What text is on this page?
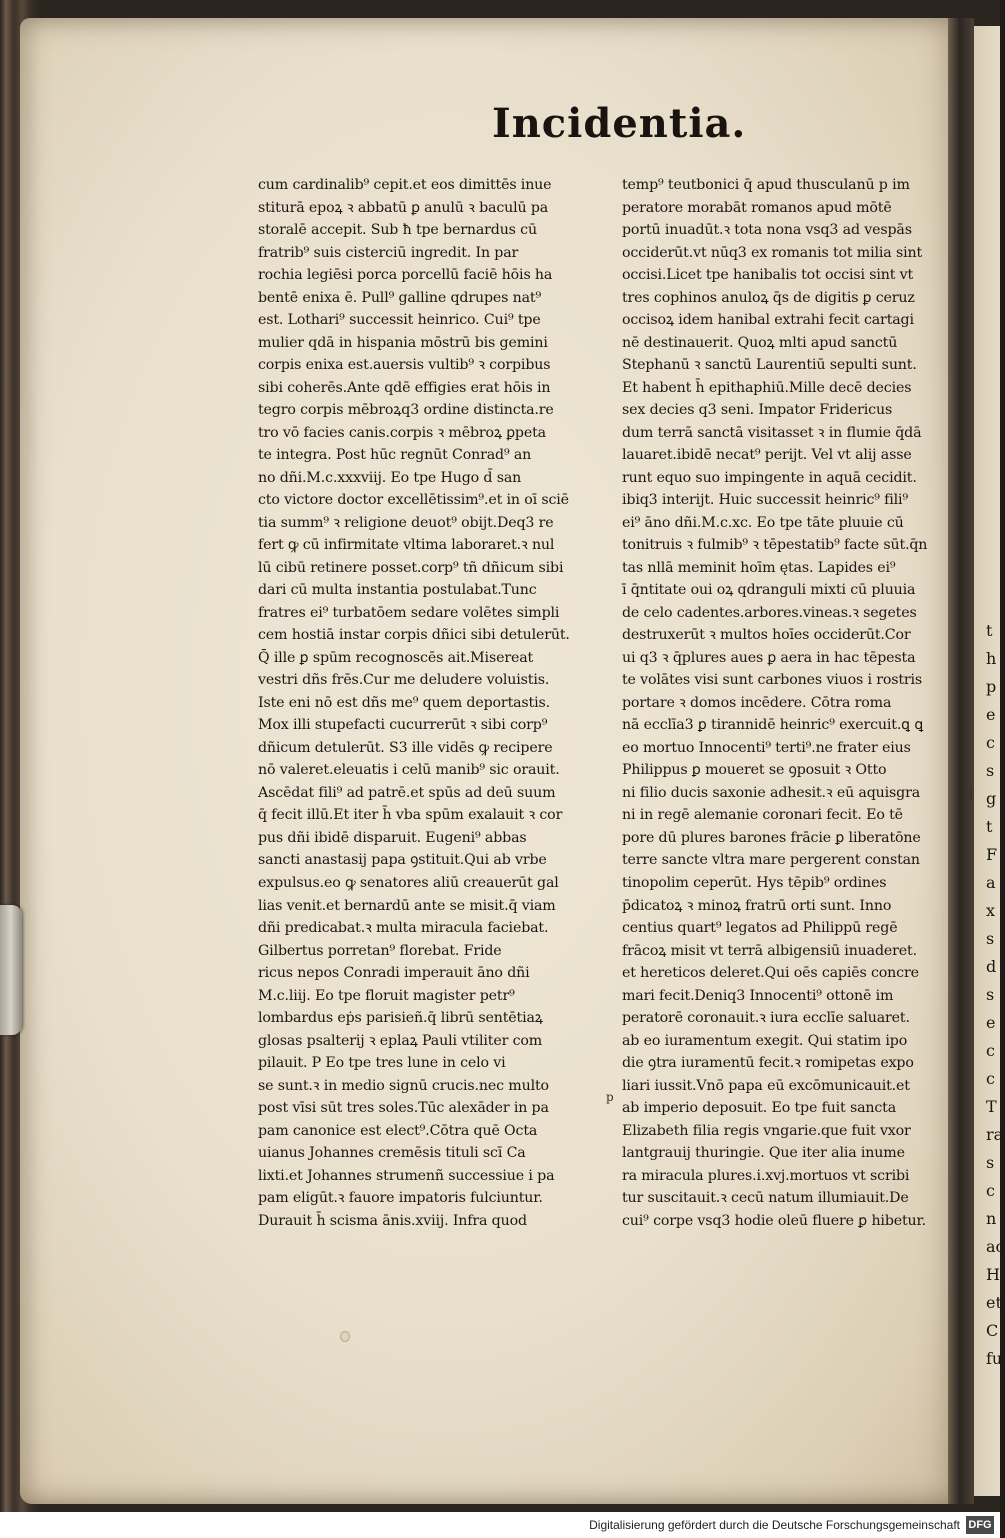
t
h
p
e
c
s
g
t
F
a
x
s
d
s
e
c
c
T
ra
s
c
n
ac
H
et
C
fu
Incidentia.
cum cardinalib⁹ cepit.et eos dimittēs inue
stiturā epoꝝ ꝛ abbatū ꝑ anulū ꝛ baculū pa
storalē accepit. Sub ħ tpe bernardus cū
fratrib⁹ suis cisterciū ingredit. In par
rochia legiēsi porca porcellū faciē hōis ha
bentē enixa ē. Pull⁹ galline qdrupes nat⁹
est. Lothari⁹ successit heinrico. Cui⁹ tpe
mulier qdā in hispania mōstrū bis gemini
corpis enixa est.auersis vultib⁹ ꝛ corpibus
sibi coherēs.Ante qdē effigies erat hōis in
tegro corpis mēbroꝝq3 ordine distincta.re
tro vō facies canis.corpis ꝛ mēbroꝝ ꝑpeta
te integra. Post hūc regnūt Conrad⁹ an
no dñi.M.c.xxxviij. Eo tpe Hugo d̄ san
cto victore doctor excellētissim⁹.et in oī sciē
tia summ⁹ ꝛ religione deuot⁹ obijt.Deq3 re
fert ꝙ cū infirmitate vltima laboraret.ꝛ nul
lū cibū retinere posset.corp⁹ tñ dñicum sibi
dari cū multa instantia postulabat.Tunc
fratres ei⁹ turbatōem sedare volētes simpli
cem hostiā instar corpis dñici sibi detulerūt.
Q̄ ille ꝑ spūm recognoscēs ait.Misereat
vestri dñs frēs.Cur me deludere voluistis.
Iste eni nō est dñs me⁹ quem deportastis.
Mox illi stupefacti cucurrerūt ꝛ sibi corp⁹
dñicum detulerūt. S3 ille vidēs ꝙ recipere
nō valeret.eleuatis i celū manib⁹ sic orauit.
Ascēdat fili⁹ ad patrē.et spūs ad deū suum
q̄ fecit illū.Et iter h̄ vba spūm exalauit ꝛ cor
pus dñi ibidē disparuit. Eugeni⁹ abbas
sancti anastasij papa ꝯstituit.Qui ab vrbe
expulsus.eo ꝙ senatores aliū creauerūt gal
lias venit.et bernardū ante se misit.q̄ viam
dñi predicabat.ꝛ multa miracula faciebat.
Gilbertus porretan⁹ florebat. Fride
ricus nepos Conradi imperauit āno dñi
M.c.liij. Eo tpe floruit magister petr⁹
lombardus eṗs parisieñ.q̄ librū sentētiaꝝ
glosas psalterij ꝛ eplaꝝ Pauli vtiliter com
pilauit. P Eo tpe tres lune in celo vi
se sunt.ꝛ in medio signū crucis.nec multo
post vīsi sūt tres soles.Tūc alexāder in pa
pam canonice est elect⁹.Cōtra quē Octa
uianus Johannes cremēsis tituli scī Ca
lixti.et Johannes strumenñ successiue i pa
pam eligūt.ꝛ fauore impatoris fulciuntur.
Durauit h̄ scisma ānis.xviij. Infra quod
temp⁹ teutbonici q̄ apud thusculanū p im
peratore morabāt romanos apud mōtē
portū inuadūt.ꝛ tota nona vsq3 ad vespās
occiderūt.vt nūq3 ex romanis tot milia sint
occisi.Licet tpe hanibalis tot occisi sint vt
tres cophinos anuloꝝ q̄s de digitis ꝑ ceruz
occisoꝝ idem hanibal extrahi fecit cartagi
nē destinauerit. Quoꝝ mlti apud sanctū
Stephanū ꝛ sanctū Laurentiū sepulti sunt.
Et habent h̄ epithaphiū.Mille decē decies
sex decies q3 seni. Impator Fridericus
dum terrā sanctā visitasset ꝛ in flumie q̄dā
lauaret.ibidē necat⁹ perijt. Vel vt alij asse
runt equo suo impingente in aquā cecidit.
ibiq3 interijt. Huic successit heinric⁹ fili⁹
ei⁹ āno dñi.M.c.xc. Eo tpe tāte pluuie cū
tonitruis ꝛ fulmib⁹ ꝛ tēpestatib⁹ facte sūt.q̄n
tas nllā meminit hoīm ętas. Lapides ei⁹
ī q̄ntitate oui oꝝ qdranguli mixti cū pluuia
de celo cadentes.arbores.vineas.ꝛ segetes
destruxerūt ꝛ multos hoīes occiderūt.Cor
ui q3 ꝛ q̄plures aues ꝑ aera in hac tēpesta
te volātes visi sunt carbones viuos i rostris
portare ꝛ domos incēdere. Cōtra roma
nā ecclīa3 ꝑ tirannidē heinric⁹ exercuit.ꝗ ꝗ
eo mortuo Innocenti⁹ terti⁹.ne frater eius
Philippus ꝑ moueret se ꝯposuit ꝛ Otto
ni filio ducis saxonie adhesit.ꝛ eū aquisgra
ni in regē alemanie coronari fecit. Eo tē
pore dū plures barones frācie ꝑ liberatōne
terre sancte vltra mare pergerent constan
tinopolim ceperūt. Hys tēpib⁹ ordines
p̄dicatoꝝ ꝛ minoꝝ fratrū orti sunt. Inno
centius quart⁹ legatos ad Philippū regē
frācoꝝ misit vt terrā albigensiū inuaderet.
et hereticos deleret.Qui oēs capiēs concre
mari fecit.Deniq3 Innocenti⁹ ottonē im
peratorē coronauit.ꝛ iura ecclīe saluaret.
ab eo iuramentum exegit. Qui statim ipo
die ꝯtra iuramentū fecit.ꝛ romipetas expo
liari iussit.Vnō papa eū excōmunicauit.et
ab imperio deposuit. Eo tpe fuit sancta
Elizabeth filia regis vngarie.que fuit vxor
lantgrauij thuringie. Que iter alia inume
ra miracula plures.i.xvj.mortuos vt scribi
tur suscitauit.ꝛ cecū natum illumiauit.De
cui⁹ corpe vsq3 hodie oleū fluere ꝑ hibetur.
l
p
Digitalisierung gefördert durch die Deutsche Forschungsgemeinschaft DFG
